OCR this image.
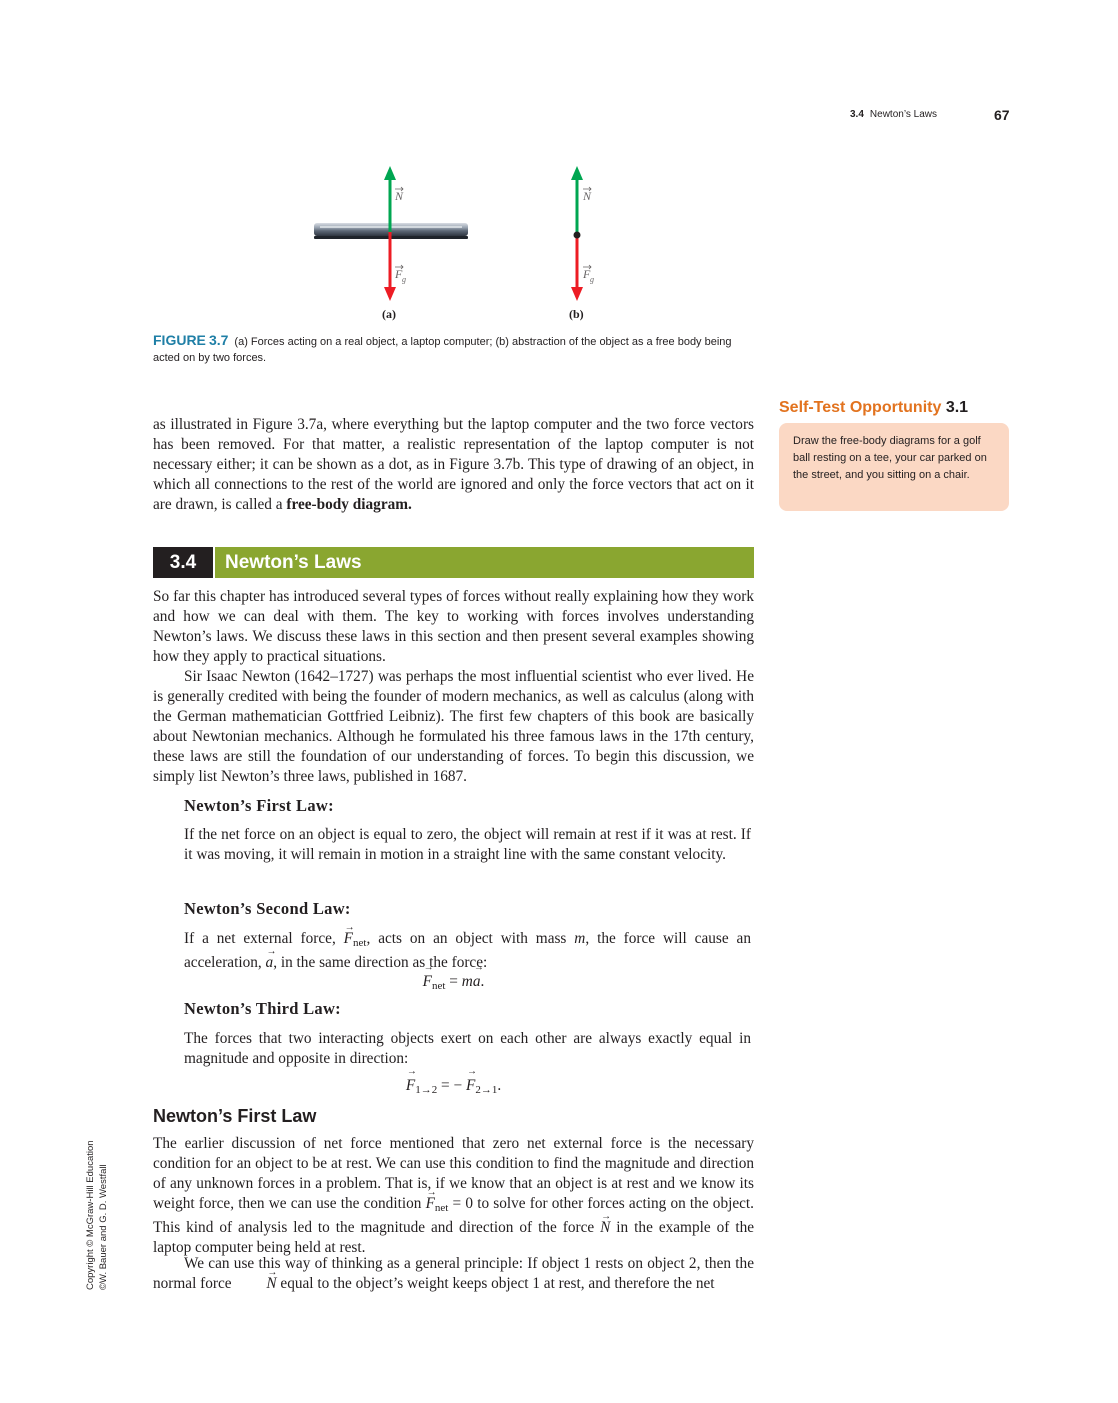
3.4 Newton’s Laws	67
N
F g
N
F g
(a)	(b)
FIGURE 3.7 (a) Forces acting on a real object, a laptop computer; (b) abstraction of the object as a free body being acted on by two forces.
Self-Test Opportunity 3.1
Draw the free-body diagrams for a golf ball resting on a tee, your car parked on the street, and you sitting on a chair.
as illustrated in Figure 3.7a, where everything but the laptop computer and the two force vectors has been removed. For that matter, a realistic representation of the laptop computer is not necessary either; it can be shown as a dot, as in Figure 3.7b. This type of drawing of an object, in which all connections to the rest of the world are ignored and only the force vectors that act on it are drawn, is called a free-body diagram.
3.4	Newton’s Laws
So far this chapter has introduced several types of forces without really explaining how they work and how we can deal with them. The key to working with forces involves understanding Newton’s laws. We discuss these laws in this section and then present several examples showing how they apply to practical situations.
Sir Isaac Newton (1642–1727) was perhaps the most influential scientist who ever lived. He is generally credited with being the founder of modern mechanics, as well as calculus (along with the German mathematician Gottfried Leibniz). The first few chapters of this book are basically about Newtonian mechanics. Although he formulated his three famous laws in the 17th century, these laws are still the foundation of our understanding of forces. To begin this discussion, we simply list Newton’s three laws, published in 1687.
Newton’s First Law:
If the net force on an object is equal to zero, the object will remain at rest if it was at rest. If it was moving, it will remain in motion in a straight line with the same constant velocity.
Newton’s Second Law:
If a net external force, → Fnet, acts on an object with mass m, the force will cause an acceleration, → a, in the same direction as the force:
→ Fnet = m→ a.
Newton’s Third Law:
The forces that two interacting objects exert on each other are always exactly equal in magnitude and opposite in direction:
→ F1→2 = − → F2→1.
Newton’s First Law
The earlier discussion of net force mentioned that zero net external force is the necessary condition for an object to be at rest. We can use this condition to find the magnitude and direction of any unknown forces in a problem. That is, if we know that an object is at rest and we know its weight force, then we can use the condition → Fnet = 0 to solve for other forces acting on the object. This kind of analysis led to the magnitude and direction of the force → N in the example of the laptop computer being held at rest.
We can use this way of thinking as a general principle: If object 1 rests on object 2, then the normal force → N equal to the object’s weight keeps object 1 at rest, and therefore the net
Copyright © McGraw-Hill Education ©W. Bauer and G. D. Westfall
